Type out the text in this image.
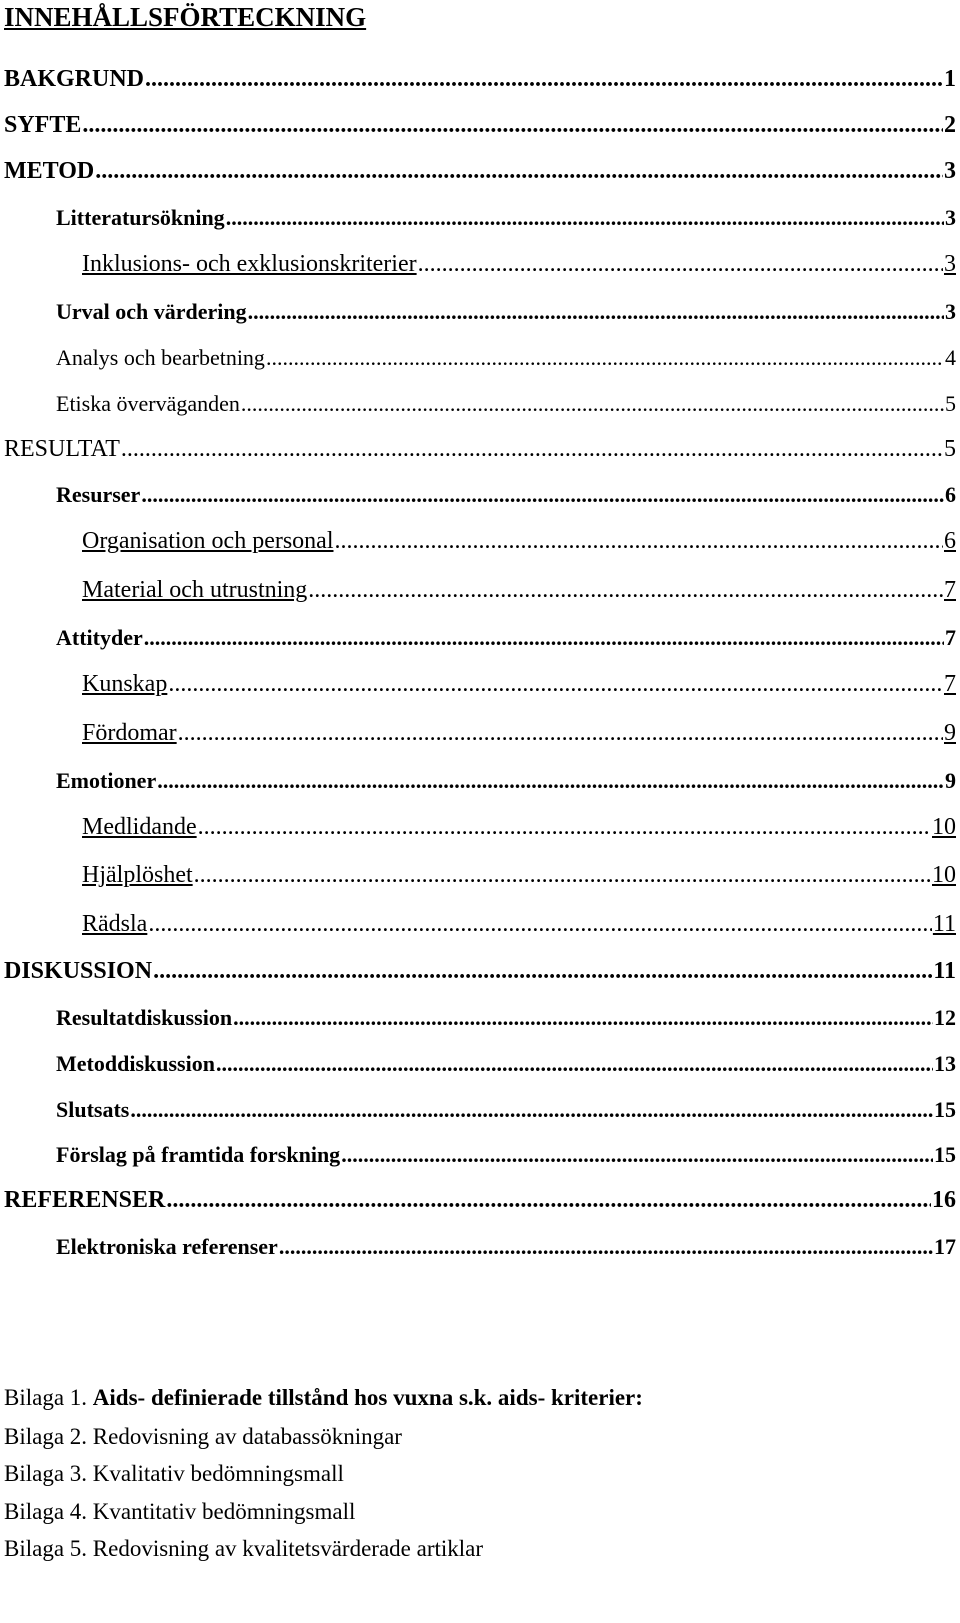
INNEHÅLLSFÖRTECKNING
BAKGRUND .....	1
SYFTE .....	2
METOD .....	3
Litteratursökning .....	3
Inklusions- och exklusionskriterier .....	3
Urval och värdering .....	3
Analys och bearbetning .....	4
Etiska överväganden .....	5
RESULTAT .....	5
Resurser .....	6
Organisation och personal .....	6
Material och utrustning .....	7
Attityder .....	7
Kunskap .....	7
Fördomar .....	9
Emotioner .....	9
Medlidande .....	10
Hjälplöshet .....	10
Rädsla .....	11
DISKUSSION .....	11
Resultatdiskussion .....	12
Metoddiskussion .....	13
Slutsats .....	15
Förslag på framtida forskning .....	15
REFERENSER .....	16
Elektroniska referenser .....	17
Bilaga 1. Aids- definierade tillstånd hos vuxna s.k. aids- kriterier:
Bilaga 2. Redovisning av databassökningar
Bilaga 3. Kvalitativ bedömningsmall
Bilaga 4. Kvantitativ bedömningsmall
Bilaga 5. Redovisning av kvalitetsvärderade artiklar
